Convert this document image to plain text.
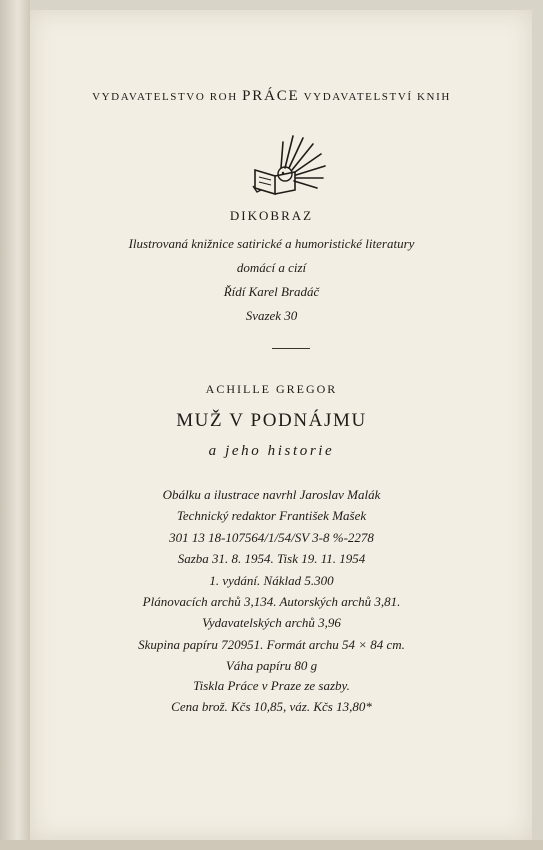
VYDAVATELSTVO ROH PRÁCE VYDAVATELSTVÍ KNIH
DIKOBRAZ
Ilustrovaná knižnice satirické a humoristické literatury
domácí a cizí
Řídí Karel Bradáč
Svazek 30
ACHILLE GREGOR
MUŽ V PODNÁJMU
a jeho historie
Obálku a ilustrace navrhl Jaroslav Malák
Technický redaktor František Mašek
301 13 18-107564/1/54/SV 3-8 %-2278
Sazba 31. 8. 1954. Tisk 19. 11. 1954
1. vydání. Náklad 5.300
Plánovacích archů 3,134. Autorských archů 3,81.
Vydavatelských archů 3,96
Skupina papíru 720951. Formát archu 54 × 84 cm.
Váha papíru 80 g
Tiskla Práce v Praze ze sazby.
Cena brož. Kčs 10,85, váz. Kčs 13,80*
